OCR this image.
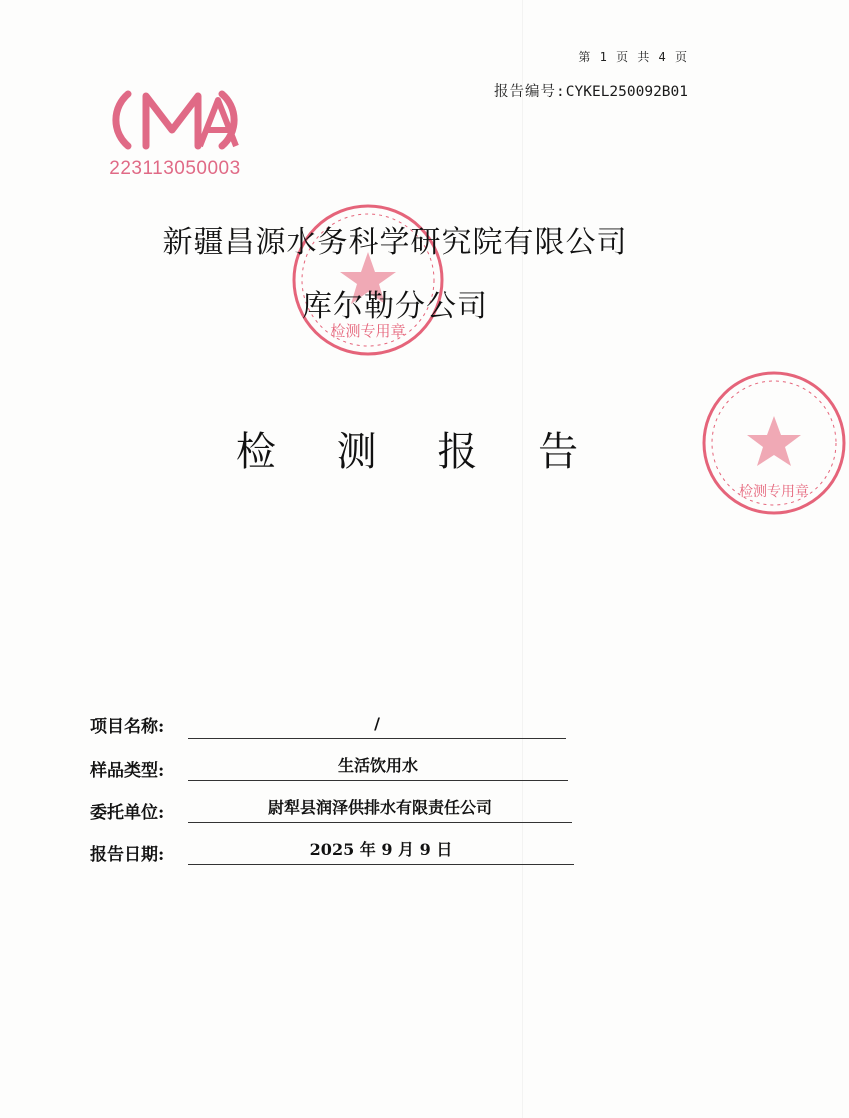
第 1 页 共 4 页
报告编号:CYKEL250092B01
223113050003
检测专用章
检测专用章
新疆昌源水务科学研究院有限公司
库尔勒分公司
检 测 报 告
项目名称:	/
样品类型:	生活饮用水
委托单位:	尉犁县润泽供排水有限责任公司
报告日期:	2025 年 9 月 9 日
